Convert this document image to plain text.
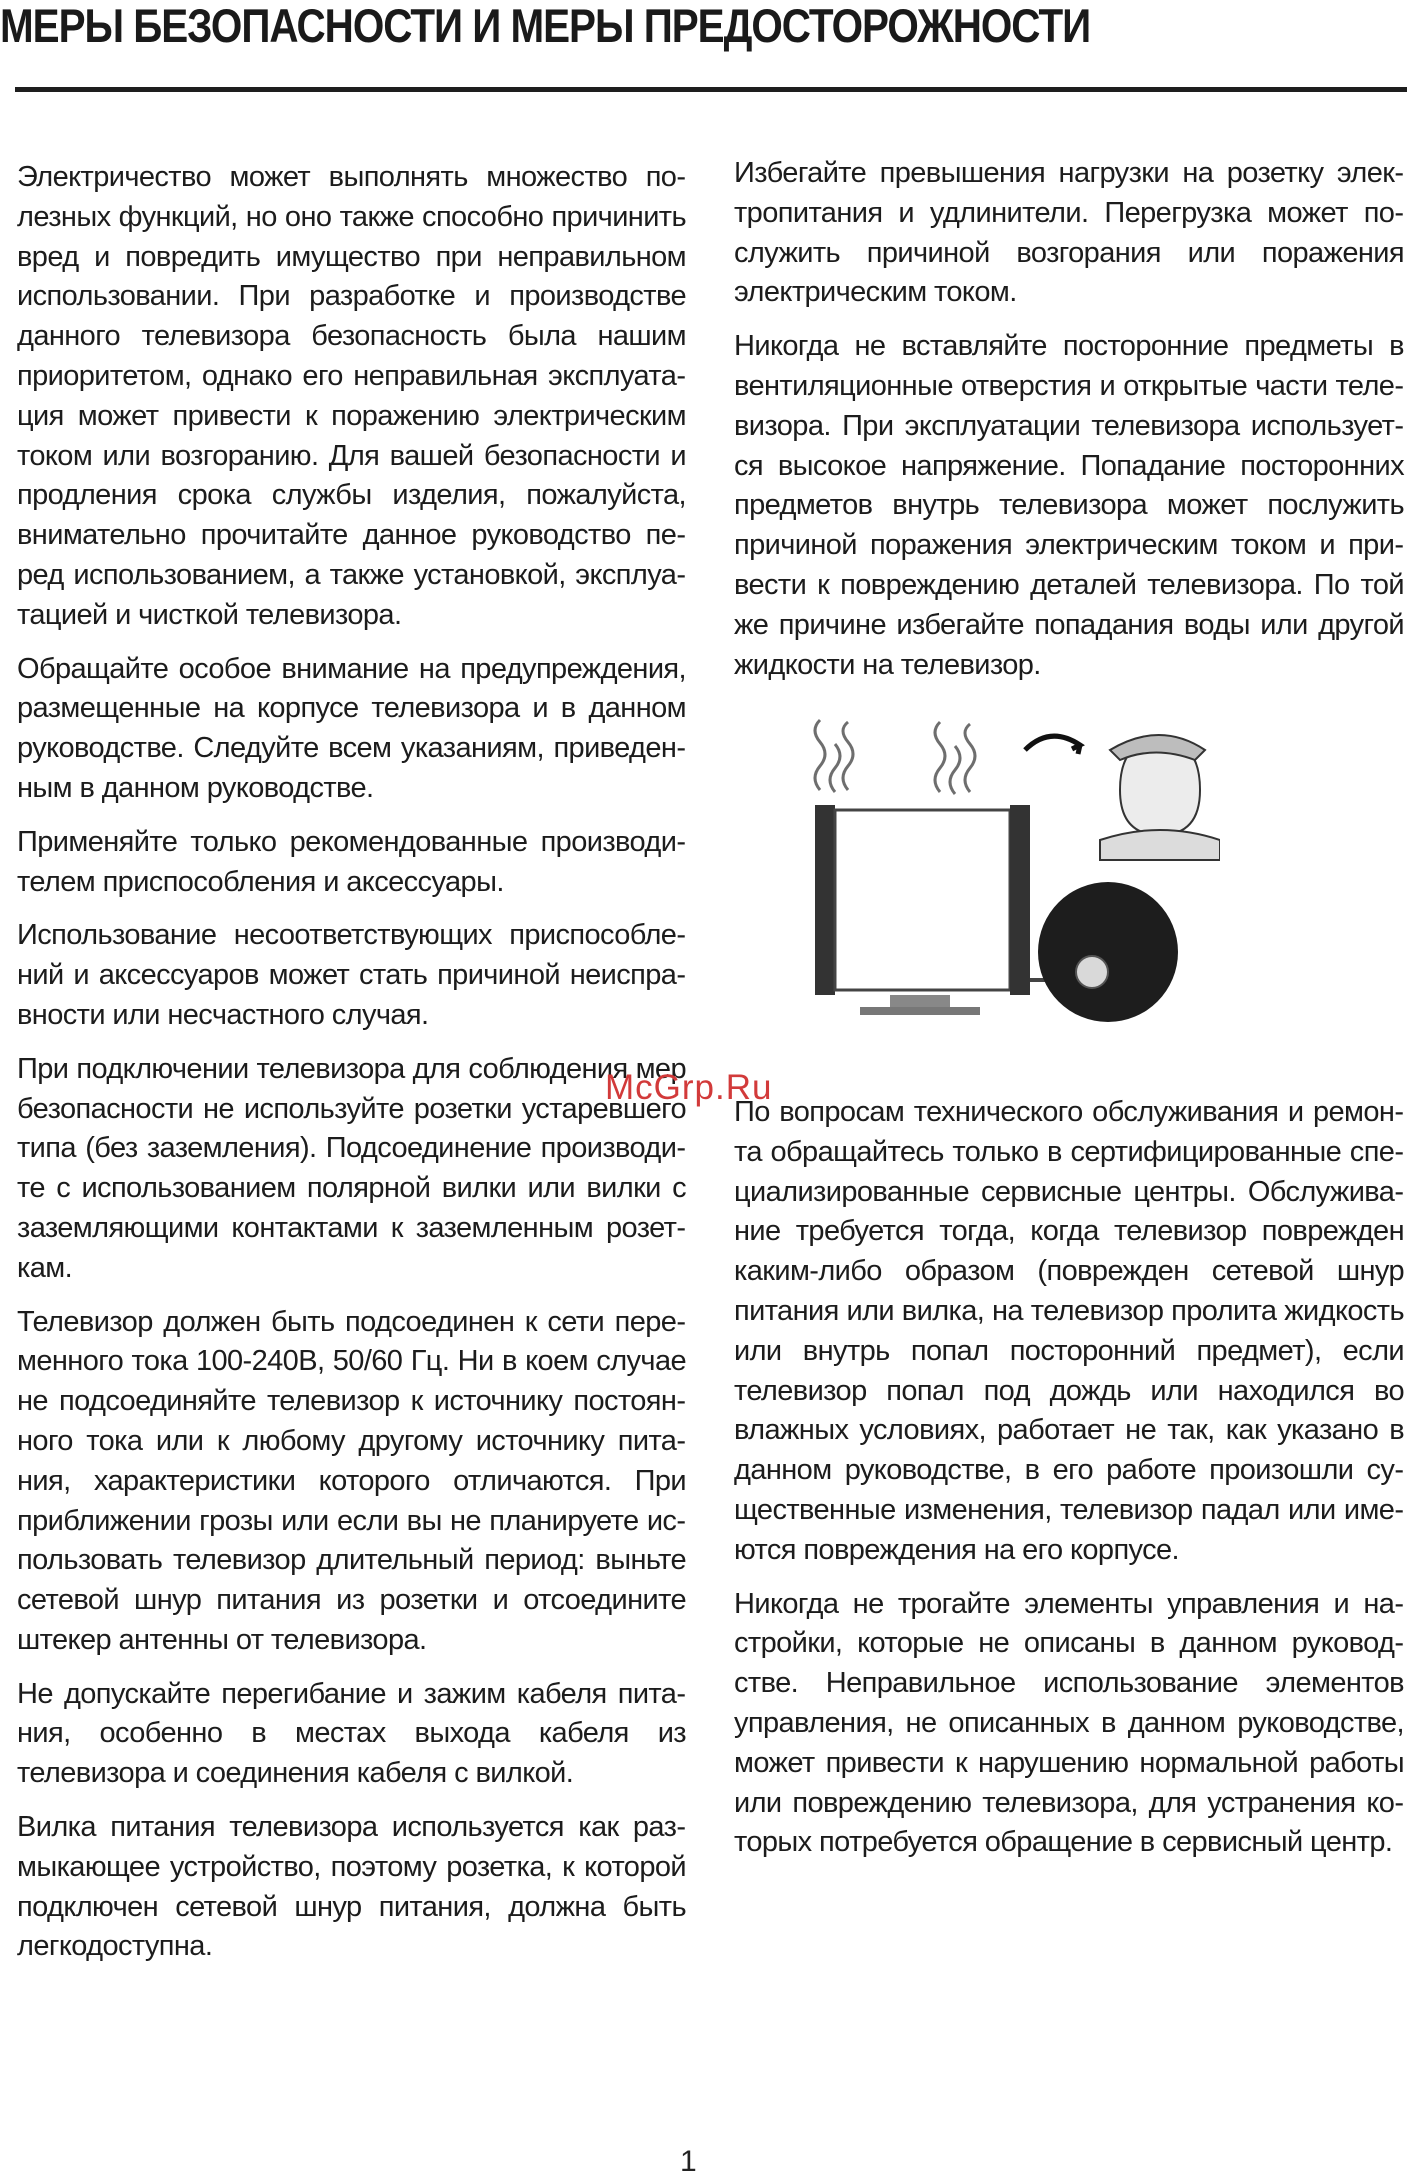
МЕРЫ БЕЗОПАСНОСТИ И МЕРЫ ПРЕДОСТОРОЖНОСТИ

Электричество может выполнять множество полезных функций, но оно также способно причинить вред и повредить имущество при неправильном использовании. При разработке и производстве данного телевизора безопасность была нашим приоритетом, однако его неправильная эксплуатация может привести к поражению электрическим током или возгоранию. Для вашей безопасности и продления срока службы изделия, пожалуйста, внимательно прочитайте данное руководство перед использованием, а также установкой, эксплуатацией и чисткой телевизора.

Обращайте особое внимание на предупреждения, размещенные на корпусе телевизора и в данном руководстве. Следуйте всем указаниям, приведенным в данном руководстве.

Применяйте только рекомендованные производителем приспособления и аксессуары.

Использование несоответствующих приспособлений и аксессуаров может стать причиной неисправности или несчастного случая.

При подключении телевизора для соблюдения мер безопасности не используйте розетки устаревшего типа (без заземления). Подсоединение производите с использованием полярной вилки или вилки с заземляющими контактами к заземленным розеткам.

Телевизор должен быть подсоединен к сети переменного тока 100-240В, 50/60 Гц. Ни в коем случае не подсоединяйте телевизор к источнику постоянного тока или к любому другому источнику питания, характеристики которого отличаются. При приближении грозы или если вы не планируете использовать телевизор длительный период: выньте сетевой шнур питания из розетки и отсоедините штекер антенны от телевизора.

Не допускайте перегибание и зажим кабеля питания, особенно в местах выхода кабеля из телевизора и соединения кабеля с вилкой.

Вилка питания телевизора используется как размыкающее устройство, поэтому розетка, к которой подключен сетевой шнур питания, должна быть легкодоступна.

Избегайте превышения нагрузки на розетку электропитания и удлинители. Перегрузка может послужить причиной возгорания или поражения электрическим током.

Никогда не вставляйте посторонние предметы в вентиляционные отверстия и открытые части телевизора. При эксплуатации телевизора используется высокое напряжение. Попадание посторонних предметов внутрь телевизора может послужить причиной поражения электрическим током и привести к повреждению деталей телевизора. По той же причине избегайте попадания воды или другой жидкости на телевизор.

McGrp.Ru

По вопросам технического обслуживания и ремонта обращайтесь только в сертифицированные специализированные сервисные центры. Обслуживание требуется тогда, когда телевизор поврежден каким-либо образом (поврежден сетевой шнур питания или вилка, на телевизор пролита жидкость или внутрь попал посторонний предмет), если телевизор попал под дождь или находился во влажных условиях, работает не так, как указано в данном руководстве, в его работе произошли существенные изменения, телевизор падал или имеются повреждения на его корпусе.

Никогда не трогайте элементы управления и настройки, которые не описаны в данном руководстве. Неправильное использование элементов управления, не описанных в данном руководстве, может привести к нарушению нормальной работы или повреждению телевизора, для устранения которых потребуется обращение в сервисный центр.

1
